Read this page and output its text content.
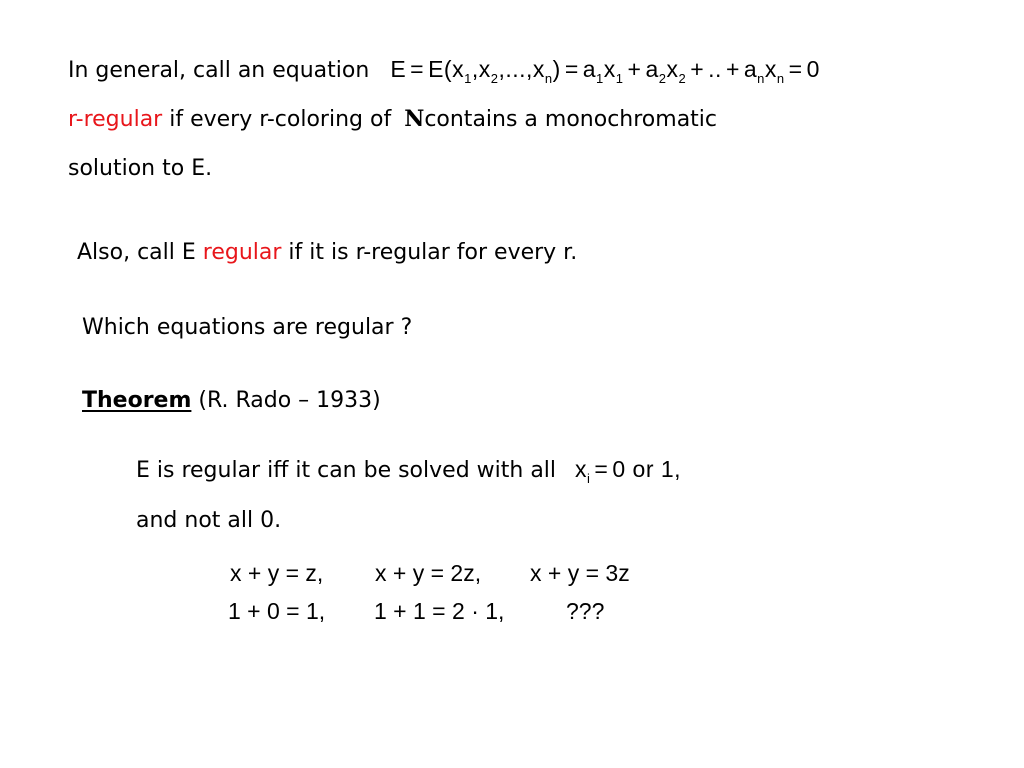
In general, call an equation $E = E(x_1,x_2,...,x_n) = a_1x_1 + a_2x_2$ + .. + $a_nx_n = 0$
r-regular if every r-coloring of Ncontains a monochromatic
solution to E.
Also, call E regular if it is r-regular for every r.
Which equations are regular ?
Theorem (R. Rado – 1933)
E is regular iff it can be solved with all $x_i = 0$ or 1,
and not all 0.
x + y = z, x + y = 2z, x + y = 3z
1 + 0 = 1, 1 + 1 = 2 · 1,	???
